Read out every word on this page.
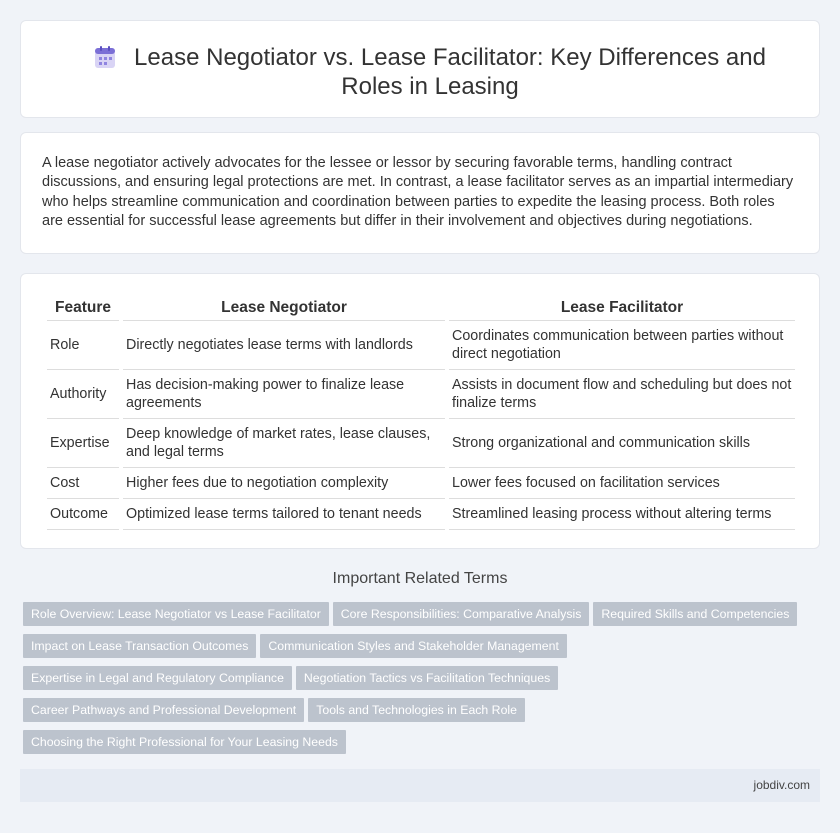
Lease Negotiator vs. Lease Facilitator: Key Differences and Roles in Leasing
A lease negotiator actively advocates for the lessee or lessor by securing favorable terms, handling contract discussions, and ensuring legal protections are met. In contrast, a lease facilitator serves as an impartial intermediary who helps streamline communication and coordination between parties to expedite the leasing process. Both roles are essential for successful lease agreements but differ in their involvement and objectives during negotiations.
Feature	Lease Negotiator	Lease Facilitator
Role	Directly negotiates lease terms with landlords	Coordinates communication between parties without direct negotiation
Authority	Has decision-making power to finalize lease agreements	Assists in document flow and scheduling but does not finalize terms
Expertise	Deep knowledge of market rates, lease clauses, and legal terms	Strong organizational and communication skills
Cost	Higher fees due to negotiation complexity	Lower fees focused on facilitation services
Outcome	Optimized lease terms tailored to tenant needs	Streamlined leasing process without altering terms
Important Related Terms
Role Overview: Lease Negotiator vs Lease Facilitator Core Responsibilities: Comparative Analysis Required Skills and Competencies
Impact on Lease Transaction Outcomes Communication Styles and Stakeholder Management
Expertise in Legal and Regulatory Compliance Negotiation Tactics vs Facilitation Techniques
Career Pathways and Professional Development Tools and Technologies in Each Role
Choosing the Right Professional for Your Leasing Needs
jobdiv.com
